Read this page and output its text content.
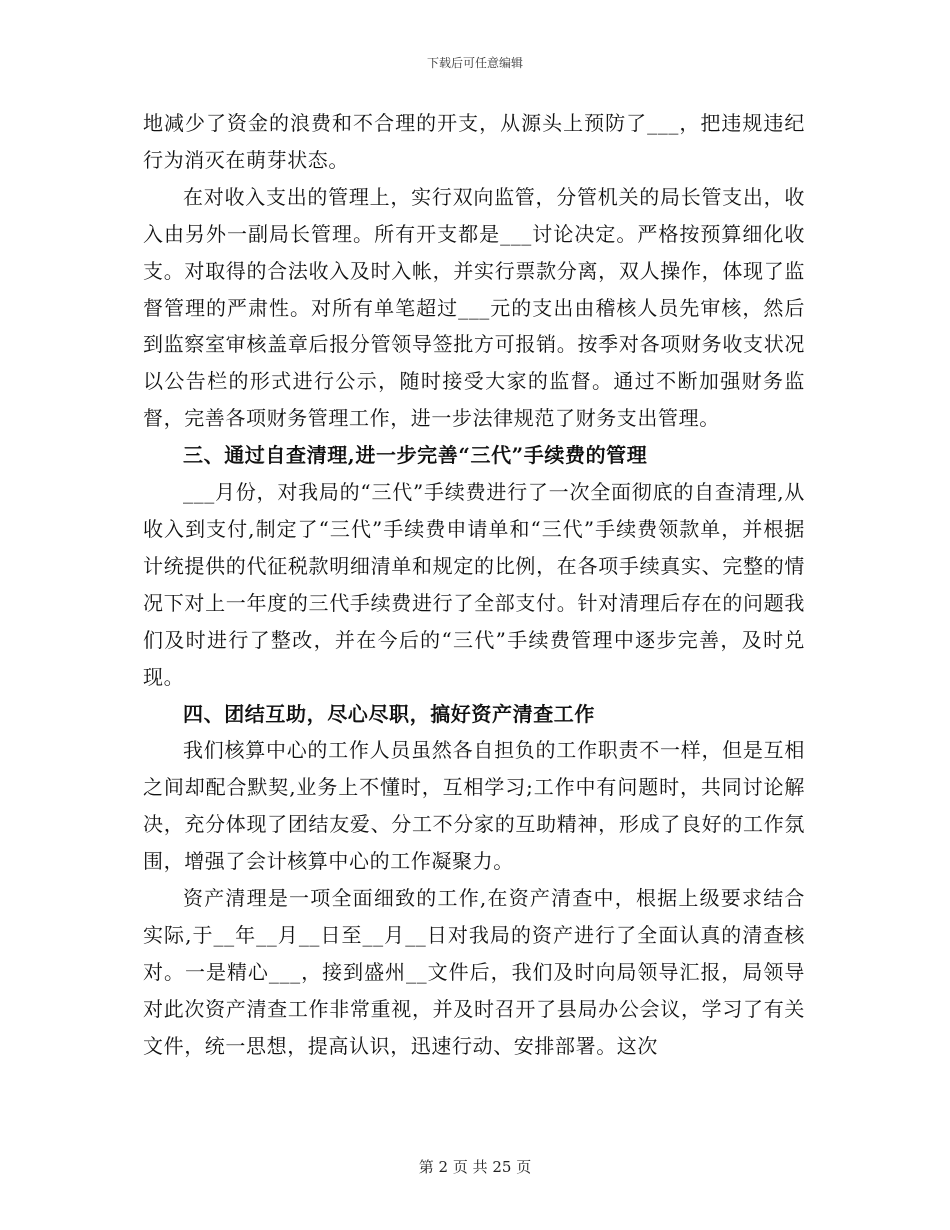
下载后可任意编辑

地减少了资金的浪费和不合理的开支，从源头上预防了___，把违规违纪行为消灭在萌芽状态。

在对收入支出的管理上，实行双向监管，分管机关的局长管支出，收入由另外一副局长管理。所有开支都是___讨论决定。严格按预算细化收支。对取得的合法收入及时入帐，并实行票款分离，双人操作，体现了监督管理的严肃性。对所有单笔超过___元的支出由稽核人员先审核，然后到监察室审核盖章后报分管领导签批方可报销。按季对各项财务收支状况以公告栏的形式进行公示，随时接受大家的监督。通过不断加强财务监督，完善各项财务管理工作，进一步法律规范了财务支出管理。

三、通过自查清理,进一步完善“三代”手续费的管理

___月份，对我局的“三代”手续费进行了一次全面彻底的自查清理,从收入到支付,制定了“三代”手续费申请单和“三代”手续费领款单，并根据计统提供的代征税款明细清单和规定的比例，在各项手续真实、完整的情况下对上一年度的三代手续费进行了全部支付。针对清理后存在的问题我们及时进行了整改，并在今后的“三代”手续费管理中逐步完善，及时兑现。

四、团结互助，尽心尽职，搞好资产清查工作

我们核算中心的工作人员虽然各自担负的工作职责不一样，但是互相之间却配合默契,业务上不懂时，互相学习;工作中有问题时，共同讨论解决，充分体现了团结友爱、分工不分家的互助精神，形成了良好的工作氛围，增强了会计核算中心的工作凝聚力。

资产清理是一项全面细致的工作,在资产清查中，根据上级要求结合实际,于__年__月__日至__月__日对我局的资产进行了全面认真的清查核对。一是精心___，接到盛州__文件后，我们及时向局领导汇报，局领导对此次资产清查工作非常重视，并及时召开了县局办公会议，学习了有关文件，统一思想，提高认识，迅速行动、安排部署。这次

第 2 页 共 25 页
